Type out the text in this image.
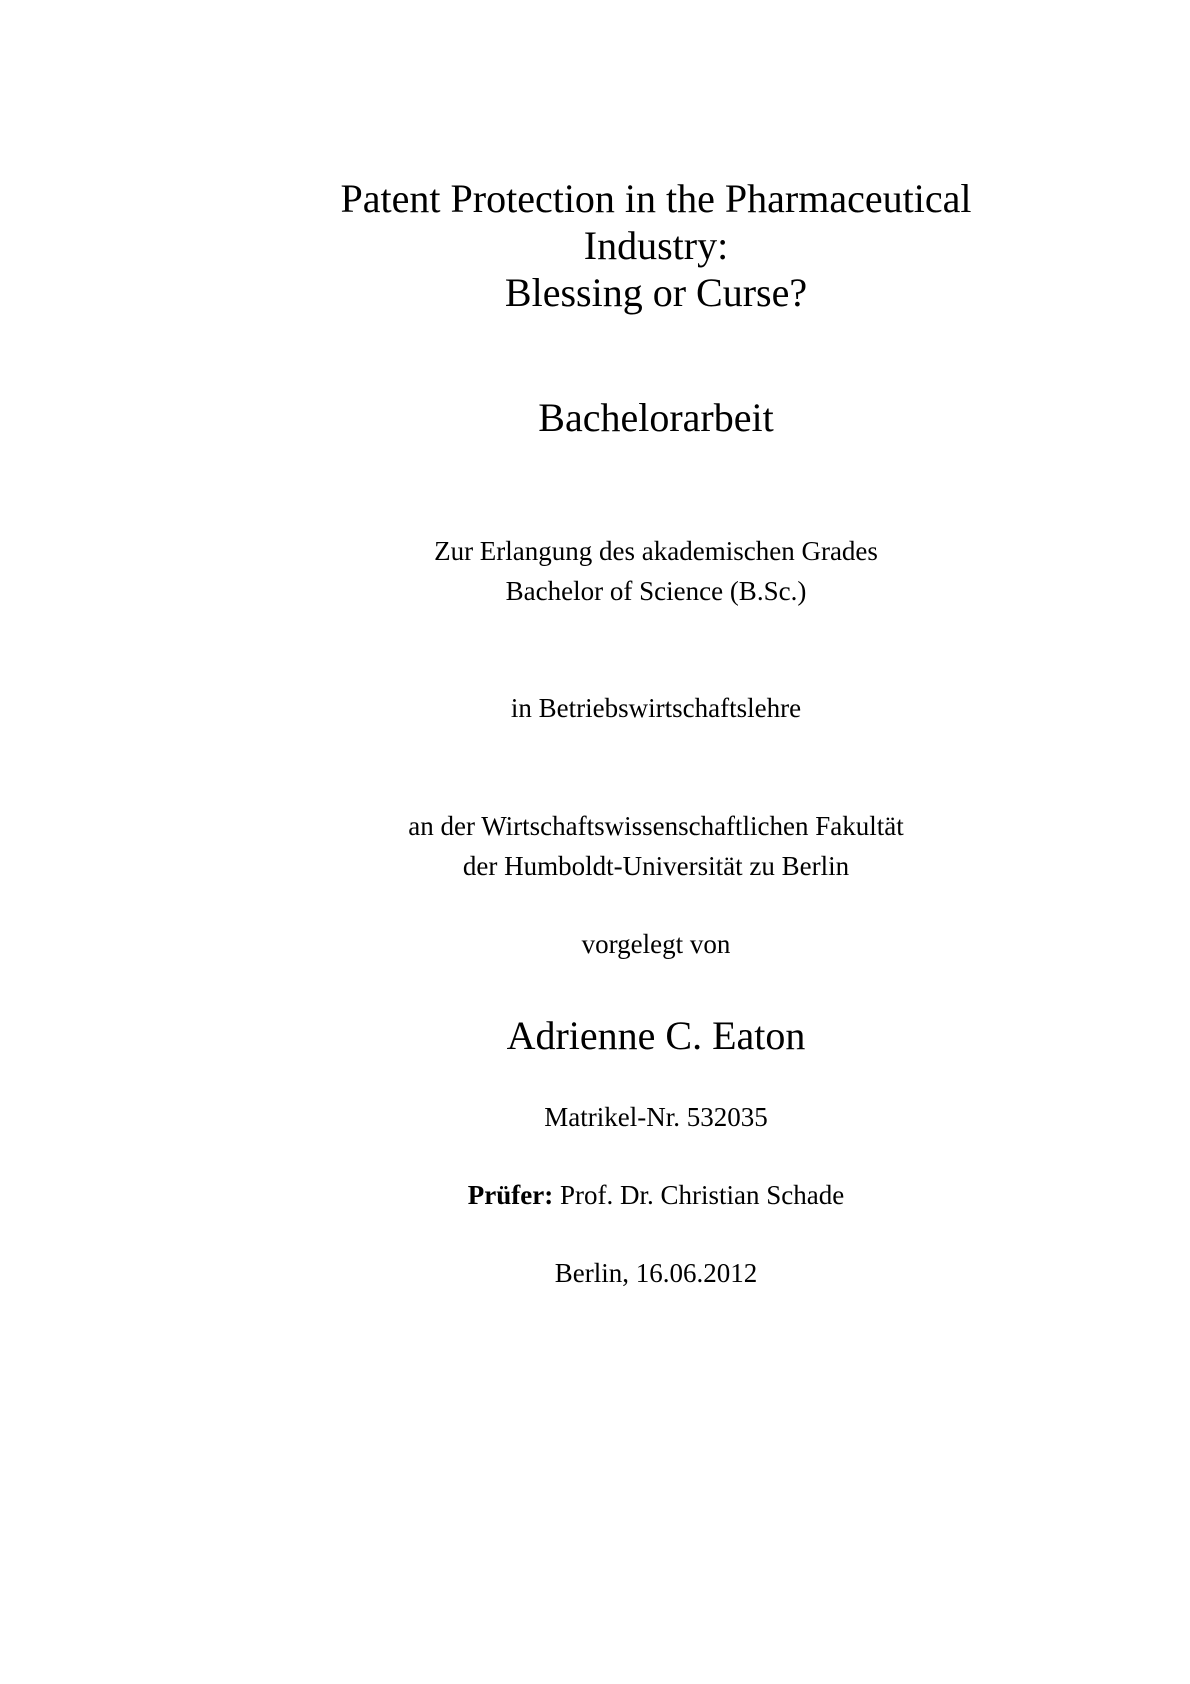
Patent Protection in the Pharmaceutical
Industry:
Blessing or Curse?
Bachelorarbeit
Zur Erlangung des akademischen Grades
Bachelor of Science (B.Sc.)
in Betriebswirtschaftslehre
an der Wirtschaftswissenschaftlichen Fakultät
der Humboldt-Universität zu Berlin
vorgelegt von
Adrienne C. Eaton
Matrikel-Nr. 532035
Prüfer: Prof. Dr. Christian Schade
Berlin, 16.06.2012
